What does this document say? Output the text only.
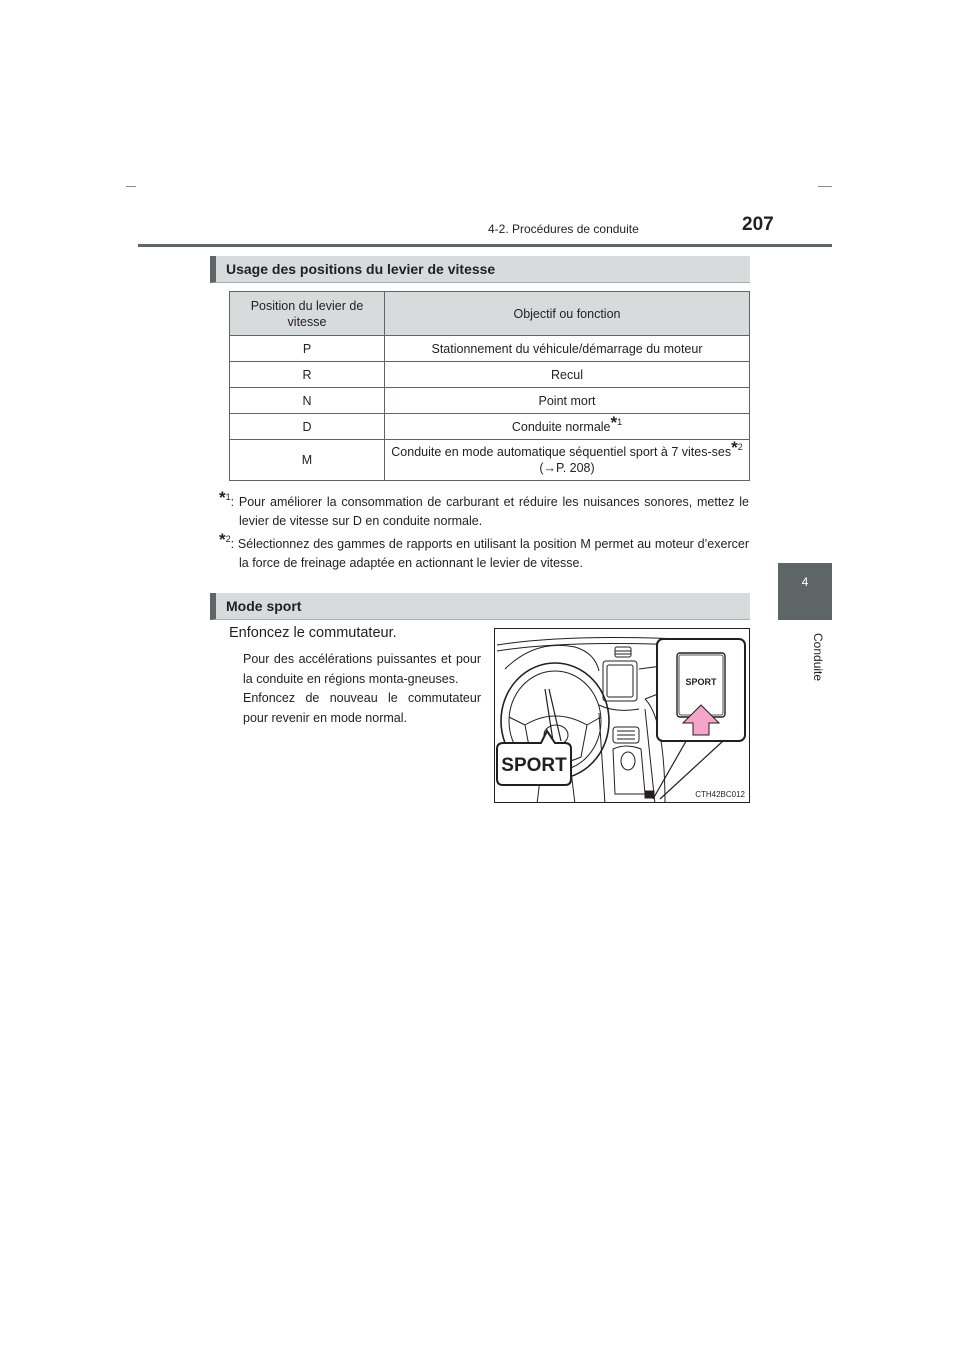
4-2. Procédures de conduite	207
4
Conduite
Usage des positions du levier de vitesse
Position du levier de vitesse	Objectif ou fonction
P	Stationnement du véhicule/démarrage du moteur
R	Recul
N	Point mort
D	Conduite normale*$^1$
M	Conduite en mode automatique séquentiel sport à 7 vites-ses*$^2$ (→P. 208)
*$^1$: Pour améliorer la consommation de carburant et réduire les nuisances sonores, mettez le levier de vitesse sur D en conduite normale.
*$^2$: Sélectionnez des gammes de rapports en utilisant la position M permet au moteur d’exercer la force de freinage adaptée en actionnant le levier de vitesse.
Mode sport
Enfoncez le commutateur.

Pour des accélérations puissantes et pour la conduite en régions monta-gneuses.

Enfoncez de nouveau le commutateur pour revenir en mode normal.

SPORT
SPORT
CTH42BC012
